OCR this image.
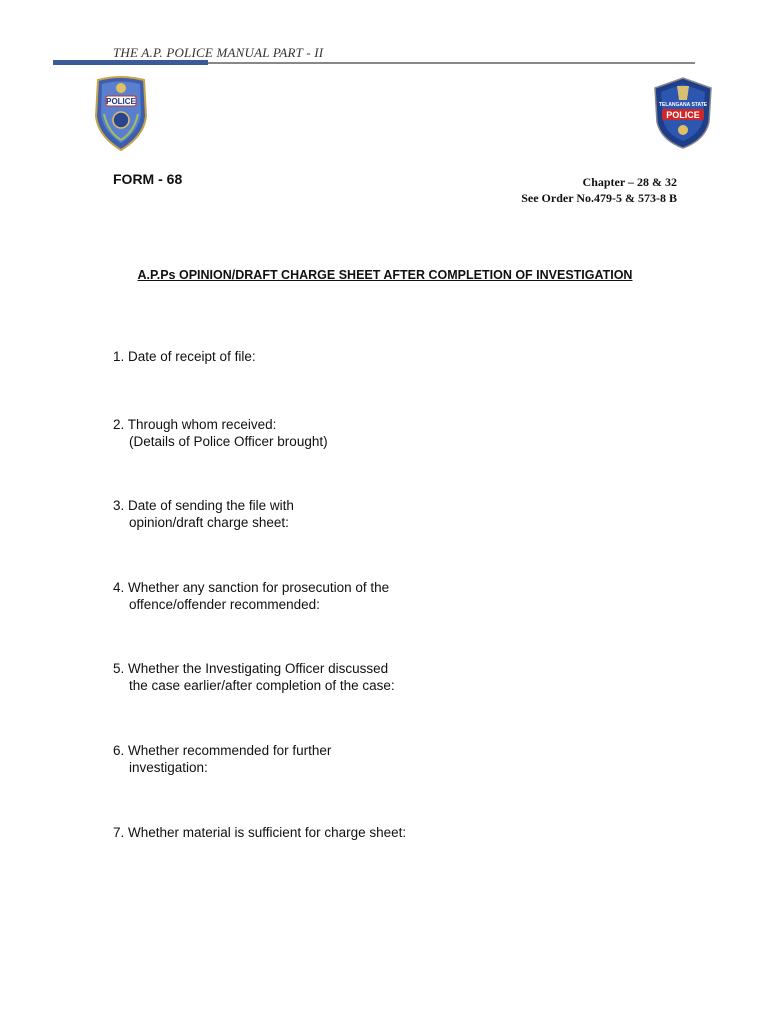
THE A.P. POLICE MANUAL PART - II
POLICE	TELANGANA STATE
POLICE
FORM - 68	Chapter – 28 & 32
See Order No.479-5 & 573-8 B
A.P.Ps OPINION/DRAFT CHARGE SHEET AFTER COMPLETION OF INVESTIGATION
1. Date of receipt of file:
2. Through whom received:
(Details of Police Officer brought)
3. Date of sending the file with
opinion/draft charge sheet:
4. Whether any sanction for prosecution of the
offence/offender recommended:
5. Whether the Investigating Officer discussed
the case earlier/after completion of the case:
6. Whether recommended for further
investigation:
7. Whether material is sufficient for charge sheet:
